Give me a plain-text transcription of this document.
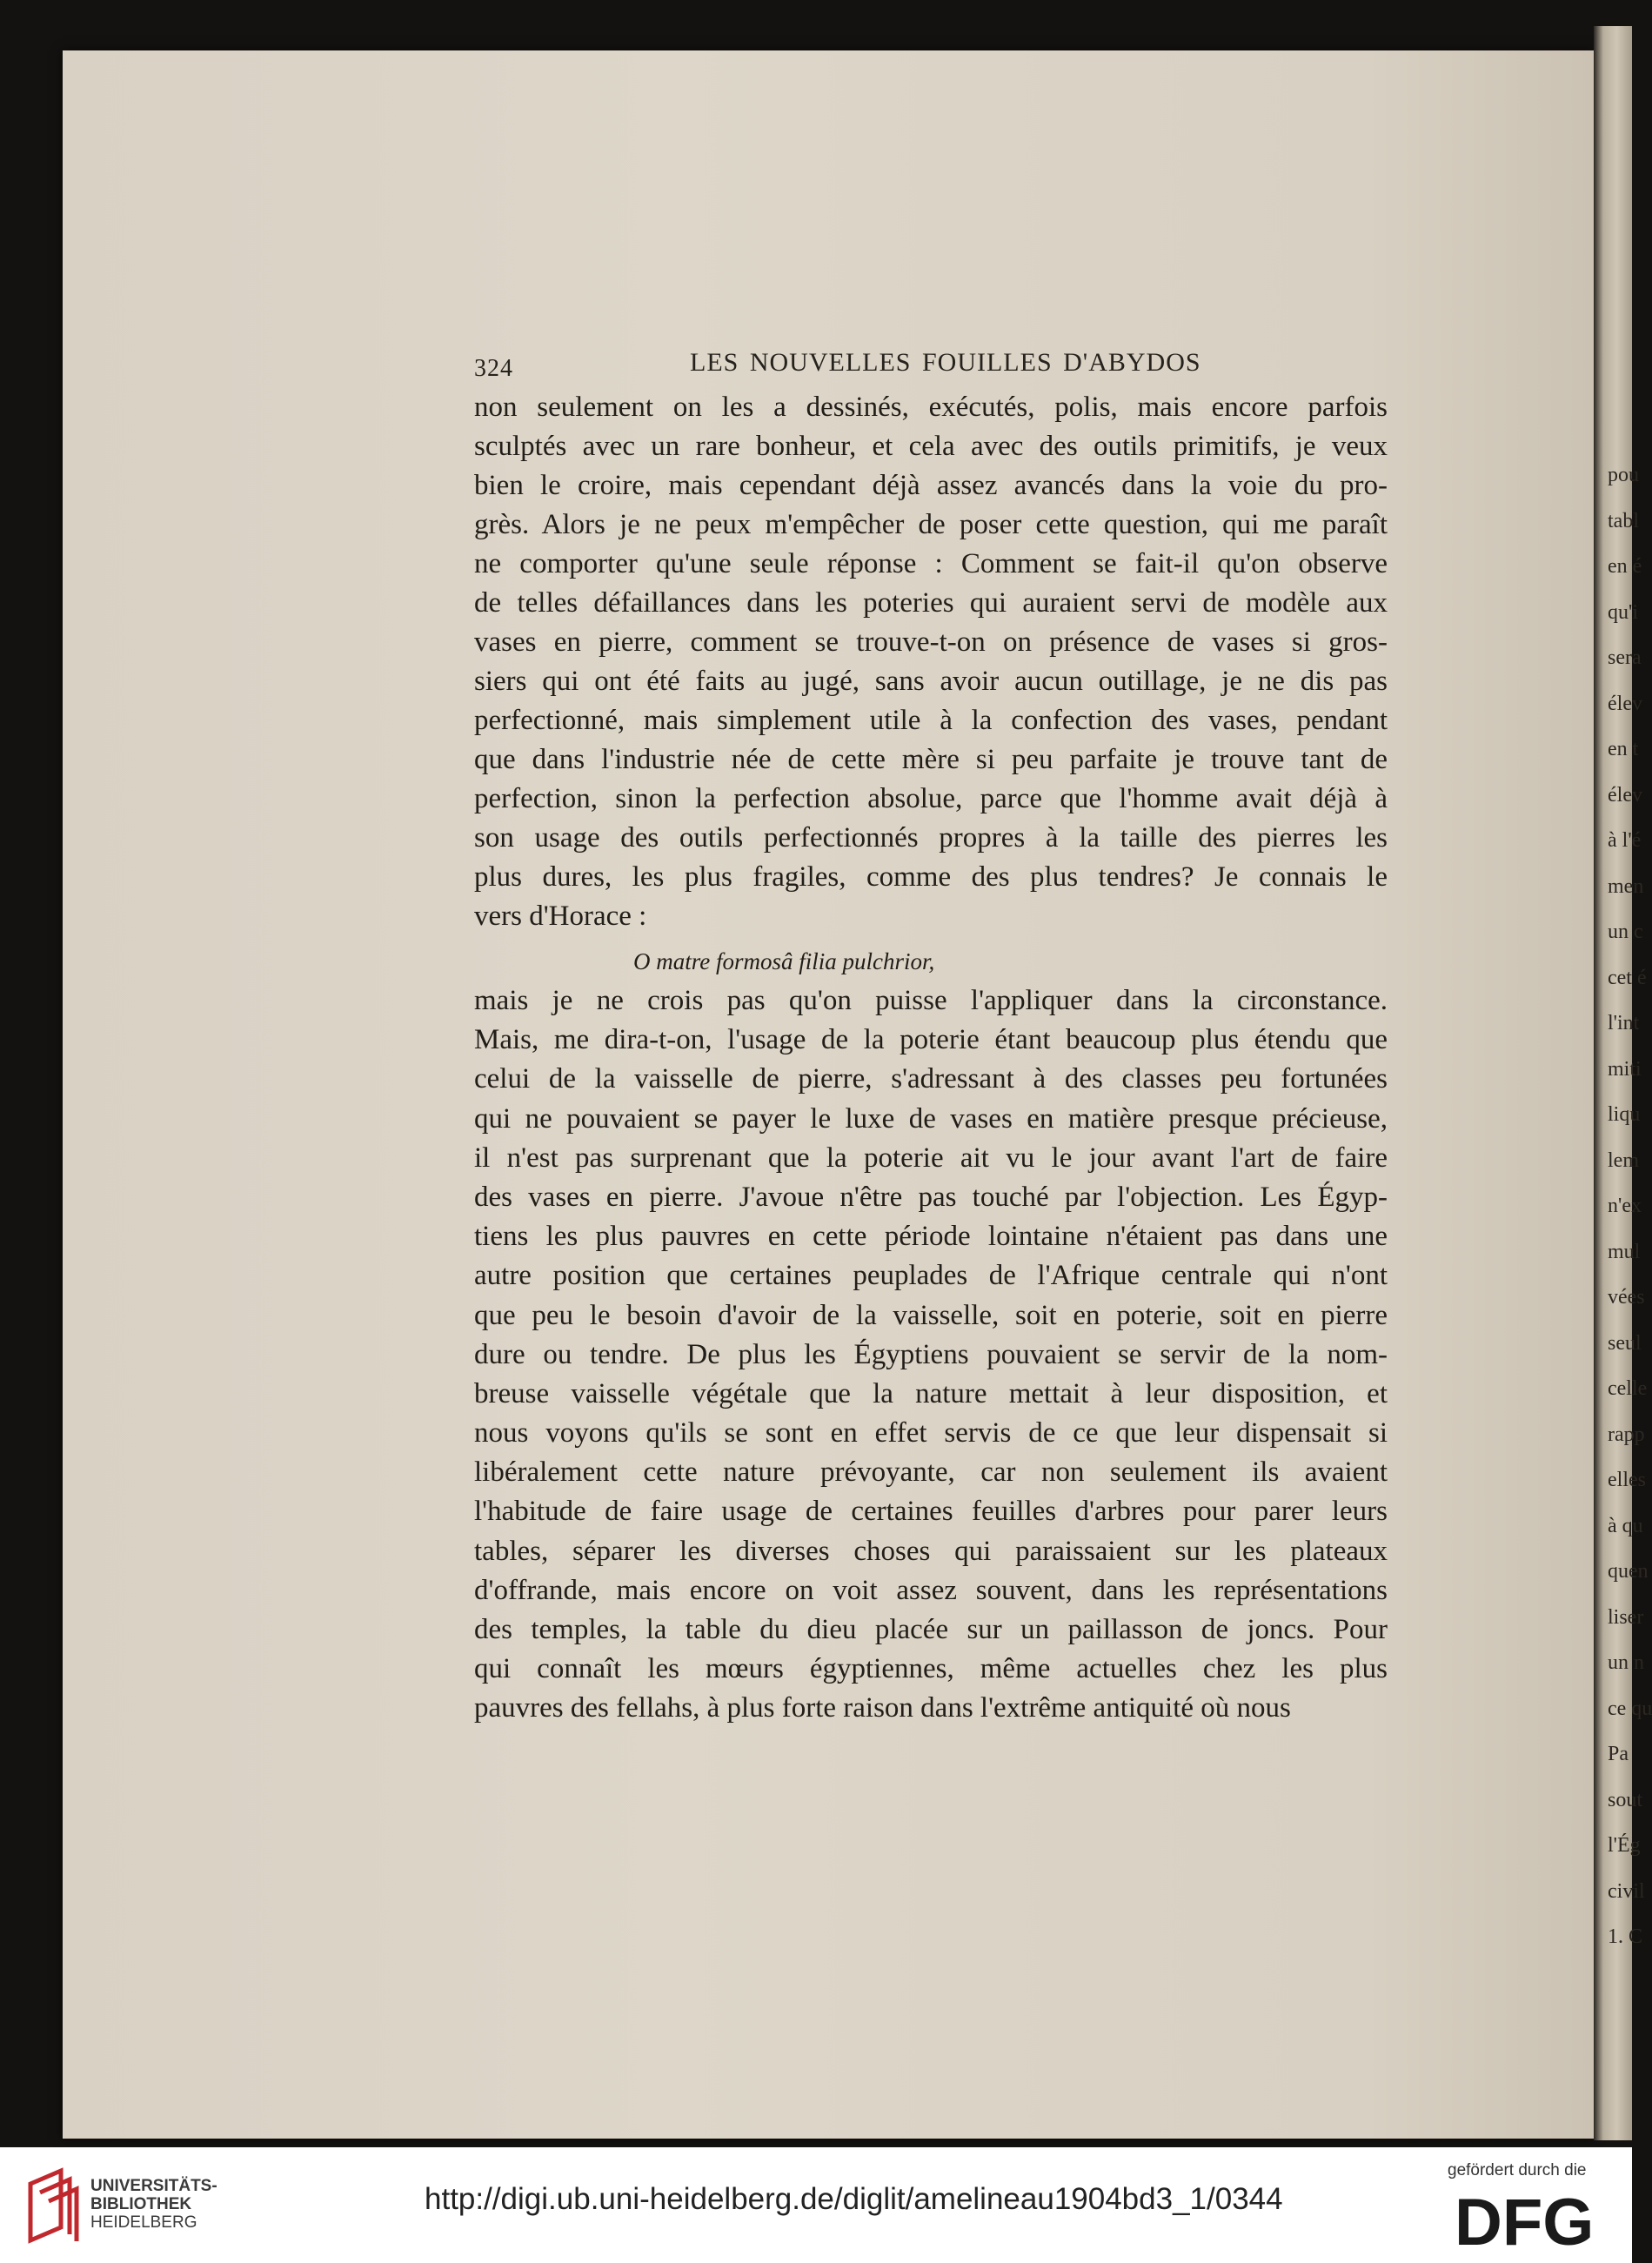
pou
tabl
en é
qu'i
sera
élev
en t
élev
à l'é
men
un c
cet é
l'int
miti
liqu
lem
n'ex
mul
vées
seul
celle
rapp
elles
à qu
quen
liser
un n
ce qu
Pa
sout
l'Ég
civil
1. C
324	LES NOUVELLES FOUILLES D'ABYDOS
non seulement on les a dessinés, exécutés, polis, mais encore parfois
sculptés avec un rare bonheur, et cela avec des outils primitifs, je veux
bien le croire, mais cependant déjà assez avancés dans la voie du pro-
grès. Alors je ne peux m'empêcher de poser cette question, qui me paraît
ne comporter qu'une seule réponse : Comment se fait-il qu'on observe
de telles défaillances dans les poteries qui auraient servi de modèle aux
vases en pierre, comment se trouve-t-on on présence de vases si gros-
siers qui ont été faits au jugé, sans avoir aucun outillage, je ne dis pas
perfectionné, mais simplement utile à la confection des vases, pendant
que dans l'industrie née de cette mère si peu parfaite je trouve tant de
perfection, sinon la perfection absolue, parce que l'homme avait déjà à
son usage des outils perfectionnés propres à la taille des pierres les
plus dures, les plus fragiles, comme des plus tendres? Je connais le
vers d'Horace :
O matre formosâ filia pulchrior,
mais je ne crois pas qu'on puisse l'appliquer dans la circonstance.
Mais, me dira-t-on, l'usage de la poterie étant beaucoup plus étendu que
celui de la vaisselle de pierre, s'adressant à des classes peu fortunées
qui ne pouvaient se payer le luxe de vases en matière presque précieuse,
il n'est pas surprenant que la poterie ait vu le jour avant l'art de faire
des vases en pierre. J'avoue n'être pas touché par l'objection. Les Égyp-
tiens les plus pauvres en cette période lointaine n'étaient pas dans une
autre position que certaines peuplades de l'Afrique centrale qui n'ont
que peu le besoin d'avoir de la vaisselle, soit en poterie, soit en pierre
dure ou tendre. De plus les Égyptiens pouvaient se servir de la nom-
breuse vaisselle végétale que la nature mettait à leur disposition, et
nous voyons qu'ils se sont en effet servis de ce que leur dispensait si
libéralement cette nature prévoyante, car non seulement ils avaient
l'habitude de faire usage de certaines feuilles d'arbres pour parer leurs
tables, séparer les diverses choses qui paraissaient sur les plateaux
d'offrande, mais encore on voit assez souvent, dans les représentations
des temples, la table du dieu placée sur un paillasson de joncs. Pour
qui connaît les mœurs égyptiennes, même actuelles chez les plus
pauvres des fellahs, à plus forte raison dans l'extrême antiquité où nous
UNIVERSITÄTS-
BIBLIOTHEK
HEIDELBERG
http://digi.ub.uni-heidelberg.de/diglit/amelineau1904bd3_1/0344
gefördert durch die
DFG
